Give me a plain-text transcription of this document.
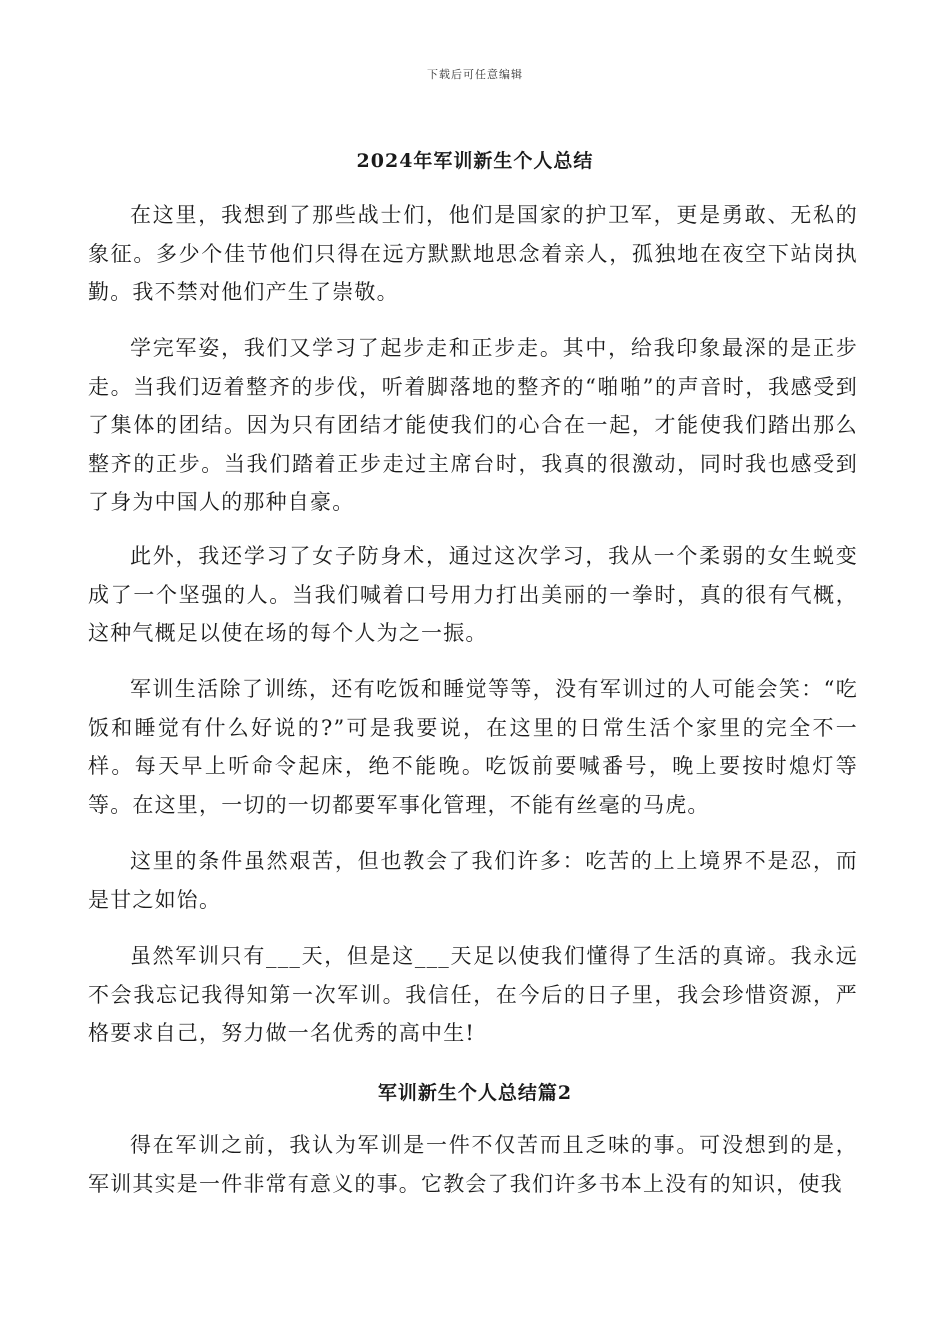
下载后可任意编辑
2024年军训新生个人总结

在这里，我想到了那些战士们，他们是国家的护卫军，更是勇敢、无私的象征。多少个佳节他们只得在远方默默地思念着亲人，孤独地在夜空下站岗执勤。我不禁对他们产生了崇敬。

学完军姿，我们又学习了起步走和正步走。其中，给我印象最深的是正步走。当我们迈着整齐的步伐，听着脚落地的整齐的“啪啪”的声音时，我感受到了集体的团结。因为只有团结才能使我们的心合在一起，才能使我们踏出那么整齐的正步。当我们踏着正步走过主席台时，我真的很激动，同时我也感受到了身为中国人的那种自豪。

此外，我还学习了女子防身术，通过这次学习，我从一个柔弱的女生蜕变成了一个坚强的人。当我们喊着口号用力打出美丽的一拳时，真的很有气概，这种气概足以使在场的每个人为之一振。

军训生活除了训练，还有吃饭和睡觉等等，没有军训过的人可能会笑：“吃饭和睡觉有什么好说的?”可是我要说，在这里的日常生活个家里的完全不一样。每天早上听命令起床，绝不能晚。吃饭前要喊番号，晚上要按时熄灯等等。在这里，一切的一切都要军事化管理，不能有丝毫的马虎。

这里的条件虽然艰苦，但也教会了我们许多：吃苦的上上境界不是忍，而是甘之如饴。

虽然军训只有___天，但是这___天足以使我们懂得了生活的真谛。我永远不会我忘记我得知第一次军训。我信任，在今后的日子里，我会珍惜资源，严格要求自己，努力做一名优秀的高中生!

军训新生个人总结篇2

得在军训之前，我认为军训是一件不仅苦而且乏味的事。可没想到的是，军训其实是一件非常有意义的事。它教会了我们许多书本上没有的知识，使我
